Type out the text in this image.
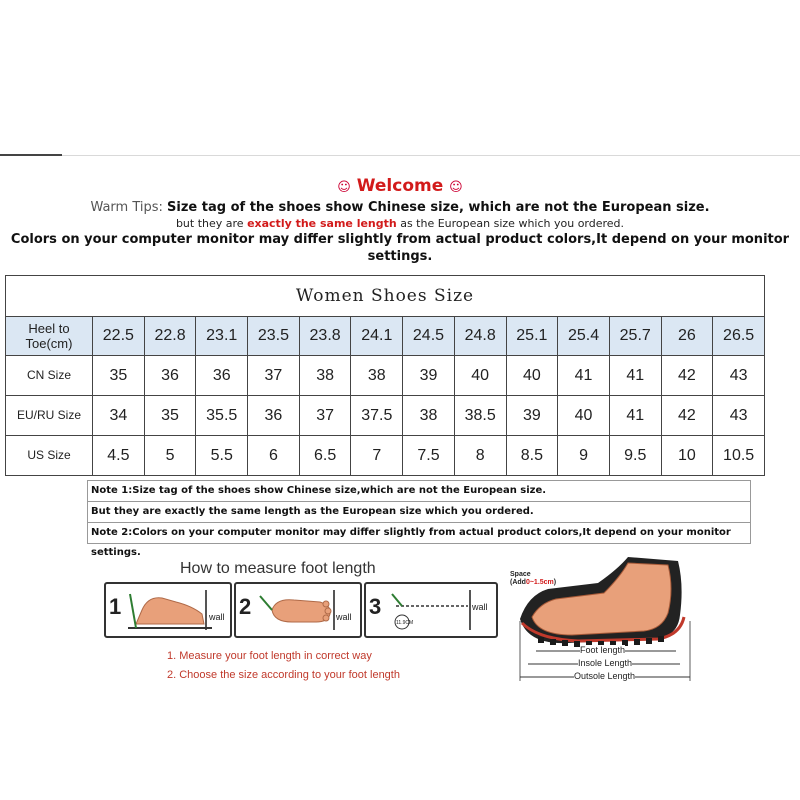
☺ Welcome ☺
Warm Tips: Size tag of the shoes show Chinese size, which are not the European size.
but they are exactly the same length as the European size which you ordered.
Colors on your computer monitor may differ slightly from actual product colors,It depend on your monitor settings.
Women Shoes Size
Heel to
Toe(cm)	22.5	22.8	23.1	23.5	23.8	24.1	24.5	24.8	25.1	25.4	25.7	26	26.5
CN Size	35	36	36	37	38	38	39	40	40	41	41	42	43
EU/RU Size	34	35	35.5	36	37	37.5	38	38.5	39	40	41	42	43
US Size	4.5	5	5.5	6	6.5	7	7.5	8	8.5	9	9.5	10	10.5
Note 1:Size tag of the shoes show Chinese size,which are not the European size.
But they are exactly the same length as the European size which you ordered.
Note 2:Colors on your computer monitor may differ slightly from actual product colors,It depend on your monitor settings.
How to measure foot length
1	wall 2	wall 3	wall
11.9CM
1. Measure your foot length in correct way
2. Choose the size according to your foot length
Space
(Add0~1.5cm)
Foot length
Insole Length
Outsole Length
